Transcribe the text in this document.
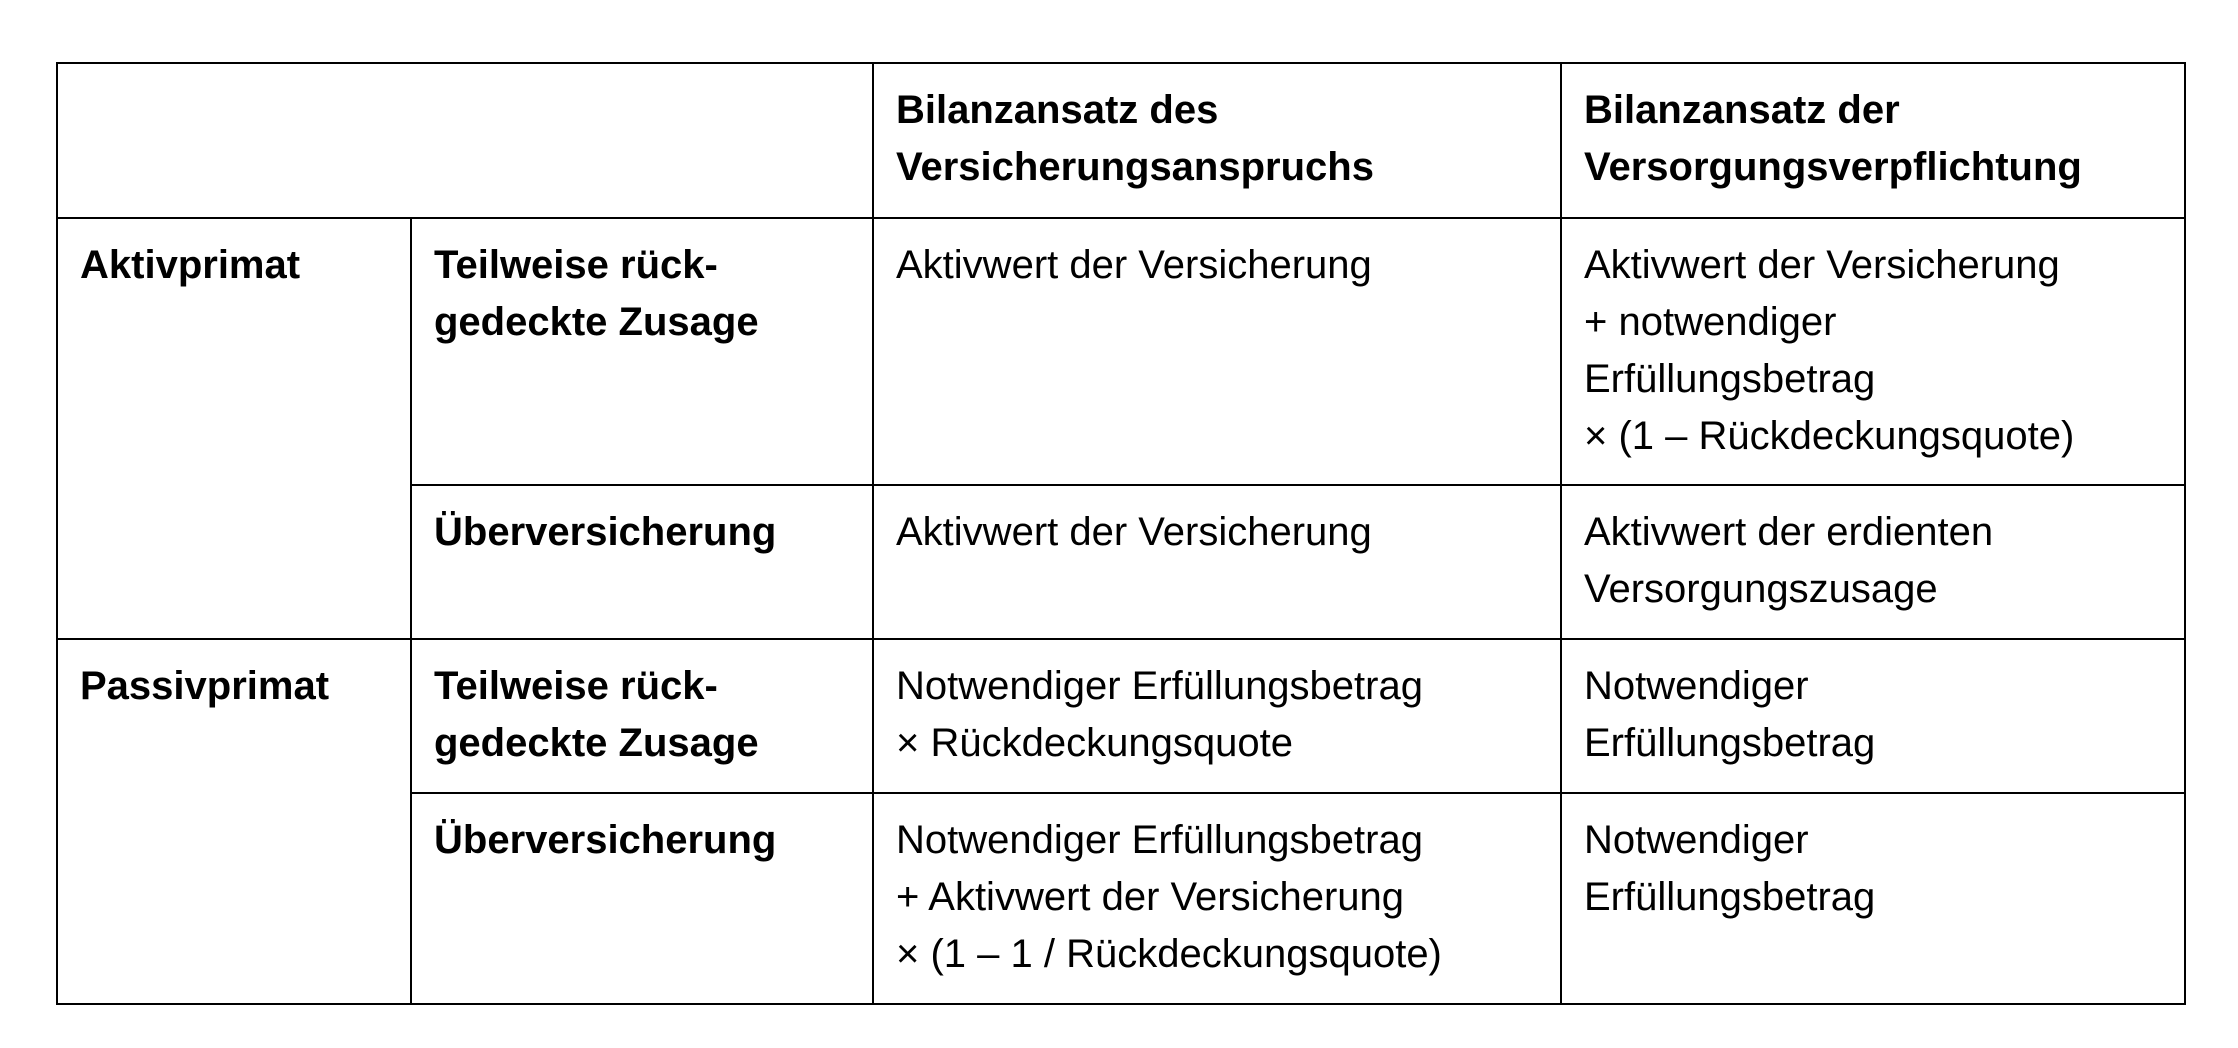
		Bilanzansatz des
Versicherungsanspruchs	Bilanzansatz der
Versorgungsverpflichtung

Aktivprimat	Teilweise rück-
gedeckte Zusage	Aktivwert der Versicherung	Aktivwert der Versicherung
+ notwendiger
Erfüllungsbetrag
× (1 – Rückdeckungsquote)

	Überversicherung	Aktivwert der Versicherung	Aktivwert der erdienten
Versorgungszusage

Passivprimat	Teilweise rück-
gedeckte Zusage	Notwendiger Erfüllungsbetrag
× Rückdeckungsquote	Notwendiger
Erfüllungsbetrag

	Überversicherung	Notwendiger Erfüllungsbetrag
+ Aktivwert der Versicherung
× (1 – 1 / Rückdeckungsquote)	Notwendiger
Erfüllungsbetrag
